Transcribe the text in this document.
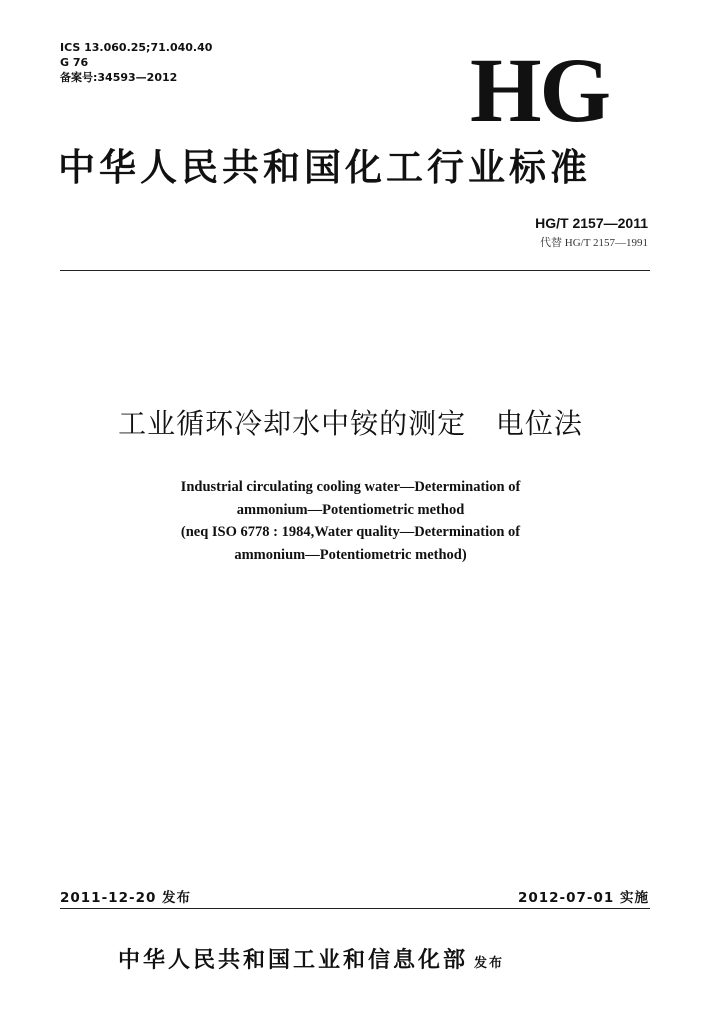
ICS 13.060.25;71.040.40
G 76
备案号:34593—2012	HG
中华人民共和国化工行业标准
HG/T 2157—2011
代替 HG/T 2157—1991
工业循环冷却水中铵的测定   电位法
Industrial circulating cooling water—Determination of
ammonium—Potentiometric method
(neq ISO 6778 : 1984,Water quality—Determination of
ammonium—Potentiometric method)
2011-12-20 发布	2012-07-01 实施
中华人民共和国工业和信息化部 发布
